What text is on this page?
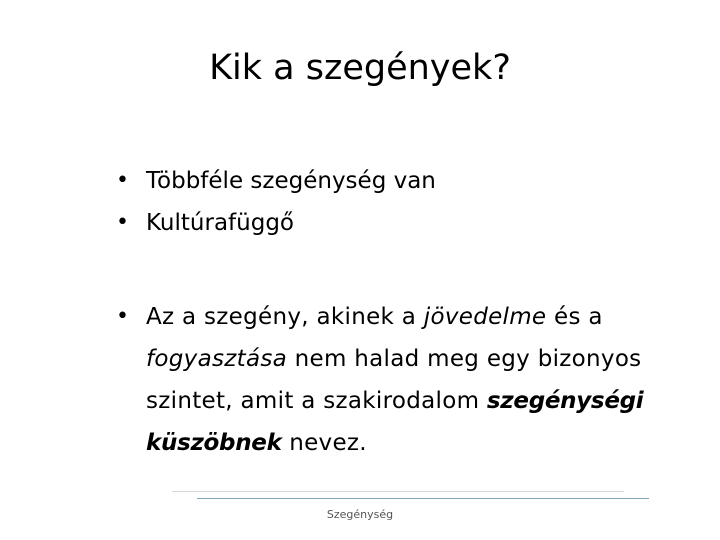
Kik a szegények?
• Többféle szegénység van
• Kultúrafüggő
• Az a szegény, akinek a jövedelme és a fogyasztása nem halad meg egy bizonyos szintet, amit a szakirodalom szegénységi küszöbnek nevez.
Szegénység
